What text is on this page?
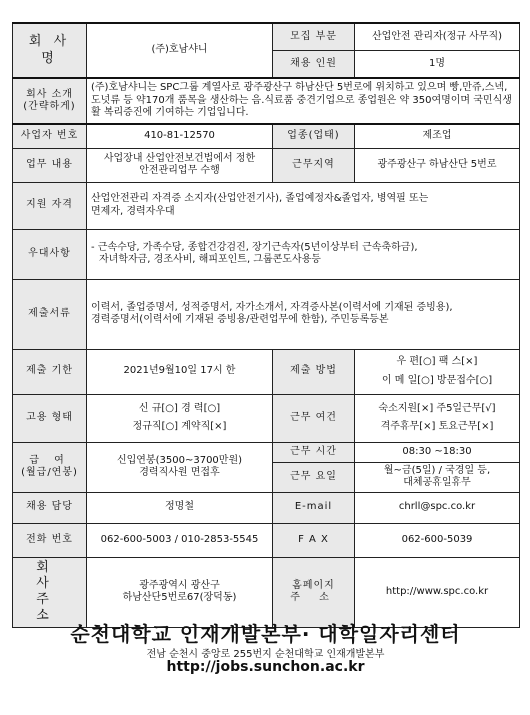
회 사 명	(주)호남샤니	모집 부문	산업안전 관리자(정규 사무직)
		채용 인원	1명

회사 소개
(간략하게)	(주)호남샤니는 SPC그룹 계열사로 광주광산구 하남산단 5번로에 위치하고 있으며 빵,만쥬,스넥,도넛류 등 약170개 품목을 생산하는 음.식료품 중견기업으로 종업원은 약 350여명이며 국민식생활 복리증진에 기여하는 기업입니다.		
사업자 번호	410-81-12570	업종(업태)	제조업
업무 내용	사업장내 산업안전보건법에서 정한
안전관리업무 수행	근무지역	광주광산구 하남산단 5번로
지원 자격	산업안전관리 자격증 소지자(산업안전기사), 졸업예정자&졸업자, 병역필 또는
면제자, 경력자우대		

우대사항	- 근속수당, 가족수당, 종합건강검진, 장기근속자(5년이상부터 근속축하금),
자녀학자금, 경조사비, 해피포인트, 그룹콘도사용등		

제출서류	이력서, 졸업증명서, 성적증명서, 자가소개서, 자격증사본(이력서에 기재된 증빙용),
경력증명서(이력서에 기재된 증빙용/관련업무에 한함), 주민등록등본		

제출 기한	2021년9월10일 17시 한	제출 방법	우 편[○] 팩 스[×]
이 메 일[○] 방문접수[○]

고용 형태	신 규[○] 경 력[○]
정규직[○] 계약직[×]	근무 여건	숙소지원[×] 주5일근무[√]
격주휴무[×] 토요근무[×]

급 여
(월급/연봉)	신입연봉(3500~3700만원)
경력직사원 면접후	근무 시간	08:30 ~18:30
		근무 요일	월~금(5일) / 국경일 등,
대체공휴일휴무

채용 담당	정명철	E-mail	chrll@spc.co.kr
전화 번호	062-600-5003 / 010-2853-5545	F A X	062-600-5039

회 사
주 소	광주광역시 광산구
하남산단5번로67(장덕동)	홈페이지
주 소	http://www.spc.co.kr
순천대학교 인재개발본부· 대학일자리센터
전남 순천시 중앙로 255번지 순천대학교 인재개발본부
http://jobs.sunchon.ac.kr
